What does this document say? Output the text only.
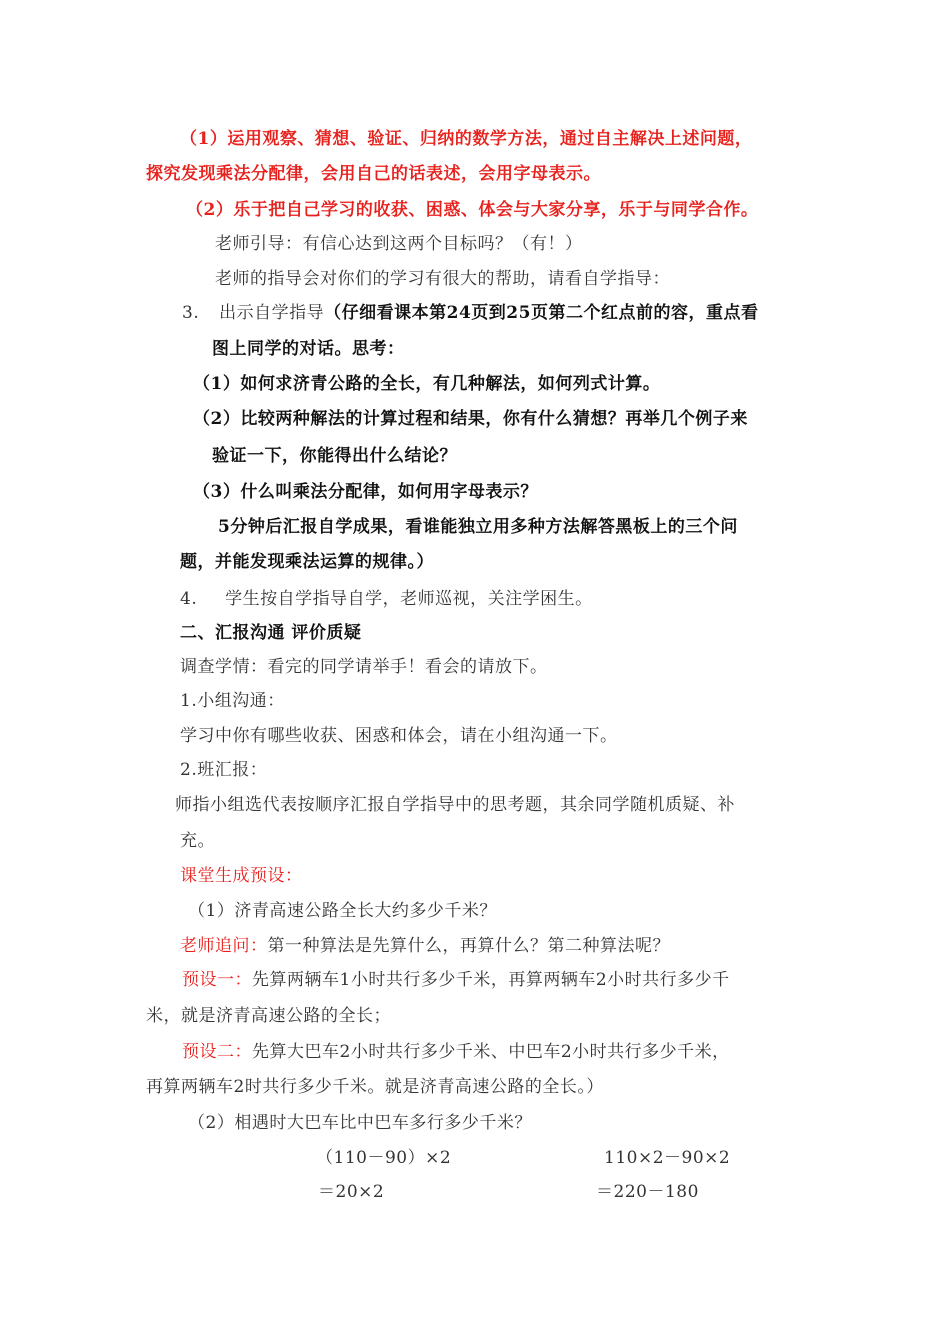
（1）运用观察、猜想、验证、归纳的数学方法，通过自主解决上述问题，
探究发现乘法分配律，会用自己的话表述，会用字母表示。
（2）乐于把自己学习的收获、困惑、体会与大家分享，乐于与同学合作。
老师引导：有信心达到这两个目标吗？（有！）
老师的指导会对你们的学习有很大的帮助，请看自学指导：
3. 出示自学指导（仔细看课本第24页到25页第二个红点前的容，重点看
图上同学的对话。思考：
（1）如何求济青公路的全长，有几种解法，如何列式计算。
（2）比较两种解法的计算过程和结果，你有什么猜想？再举几个例子来
验证一下，你能得出什么结论？
（3）什么叫乘法分配律，如何用字母表示？
5分钟后汇报自学成果，看谁能独立用多种方法解答黑板上的三个问
题，并能发现乘法运算的规律。）
4. 学生按自学指导自学，老师巡视，关注学困生。
二、汇报沟通 评价质疑
调查学情：看完的同学请举手！看会的请放下。
1.小组沟通：
学习中你有哪些收获、困惑和体会，请在小组沟通一下。
2.班汇报：
师指小组选代表按顺序汇报自学指导中的思考题，其余同学随机质疑、补
充。
课堂生成预设：
（1）济青高速公路全长大约多少千米？
老师追问：第一种算法是先算什么，再算什么？第二种算法呢？
预设一：先算两辆车1小时共行多少千米，再算两辆车2小时共行多少千
米，就是济青高速公路的全长；
预设二：先算大巴车2小时共行多少千米、中巴车2小时共行多少千米，
再算两辆车2时共行多少千米。就是济青高速公路的全长。）
（2）相遇时大巴车比中巴车多行多少千米？
（110－90）×2	110×2－90×2
＝20×2	＝220－180
